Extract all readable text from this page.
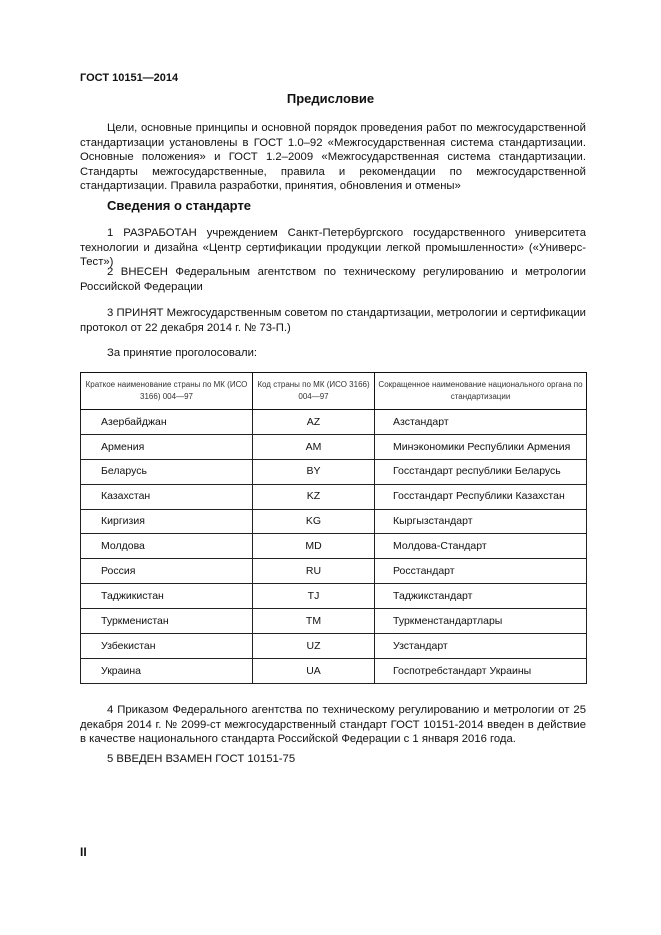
ГОСТ 10151—2014
Предисловие
Цели, основные принципы и основной порядок проведения работ по межгосударственной стандартизации установлены в ГОСТ 1.0–92 «Межгосударственная система стандартизации. Основные положения» и ГОСТ 1.2–2009 «Межгосударственная система стандартизации. Стандарты межгосударственные, правила и рекомендации по межгосударственной стандартизации. Правила разработки, принятия, обновления и отмены»
Сведения о стандарте
1 РАЗРАБОТАН учреждением Санкт-Петербургского государственного университета технологии и дизайна «Центр сертификации продукции легкой промышленности» («Универс-Тест»)
2 ВНЕСЕН Федеральным агентством по техническому регулированию и метрологии Российской Федерации
3 ПРИНЯТ Межгосударственным советом по стандартизации, метрологии и сертификации протокол от 22 декабря 2014 г. № 73-П.)
За принятие проголосовали:
Краткое наименование страны по МК (ИСО 3166) 004—97	Код страны по МК (ИСО 3166) 004—97	Сокращенное наименование национального органа по стандартизации
Азербайджан	AZ	Азстандарт
Армения	AM	Минэкономики Республики Армения
Беларусь	BY	Госстандарт республики Беларусь
Казахстан	KZ	Госстандарт Республики Казахстан
Киргизия	KG	Кыргызстандарт
Молдова	MD	Молдова-Стандарт
Россия	RU	Росстандарт
Таджикистан	TJ	Таджикстандарт
Туркменистан	TM	Туркменстандартлары
Узбекистан	UZ	Узстандарт
Украина	UA	Госпотребстандарт Украины
4 Приказом Федерального агентства по техническому регулированию и метрологии от 25 декабря 2014 г. № 2099-ст межгосударственный стандарт ГОСТ 10151-2014 введен в действие в качестве национального стандарта Российской Федерации с 1 января 2016 года.
5 ВВЕДЕН ВЗАМЕН ГОСТ 10151-75
II
